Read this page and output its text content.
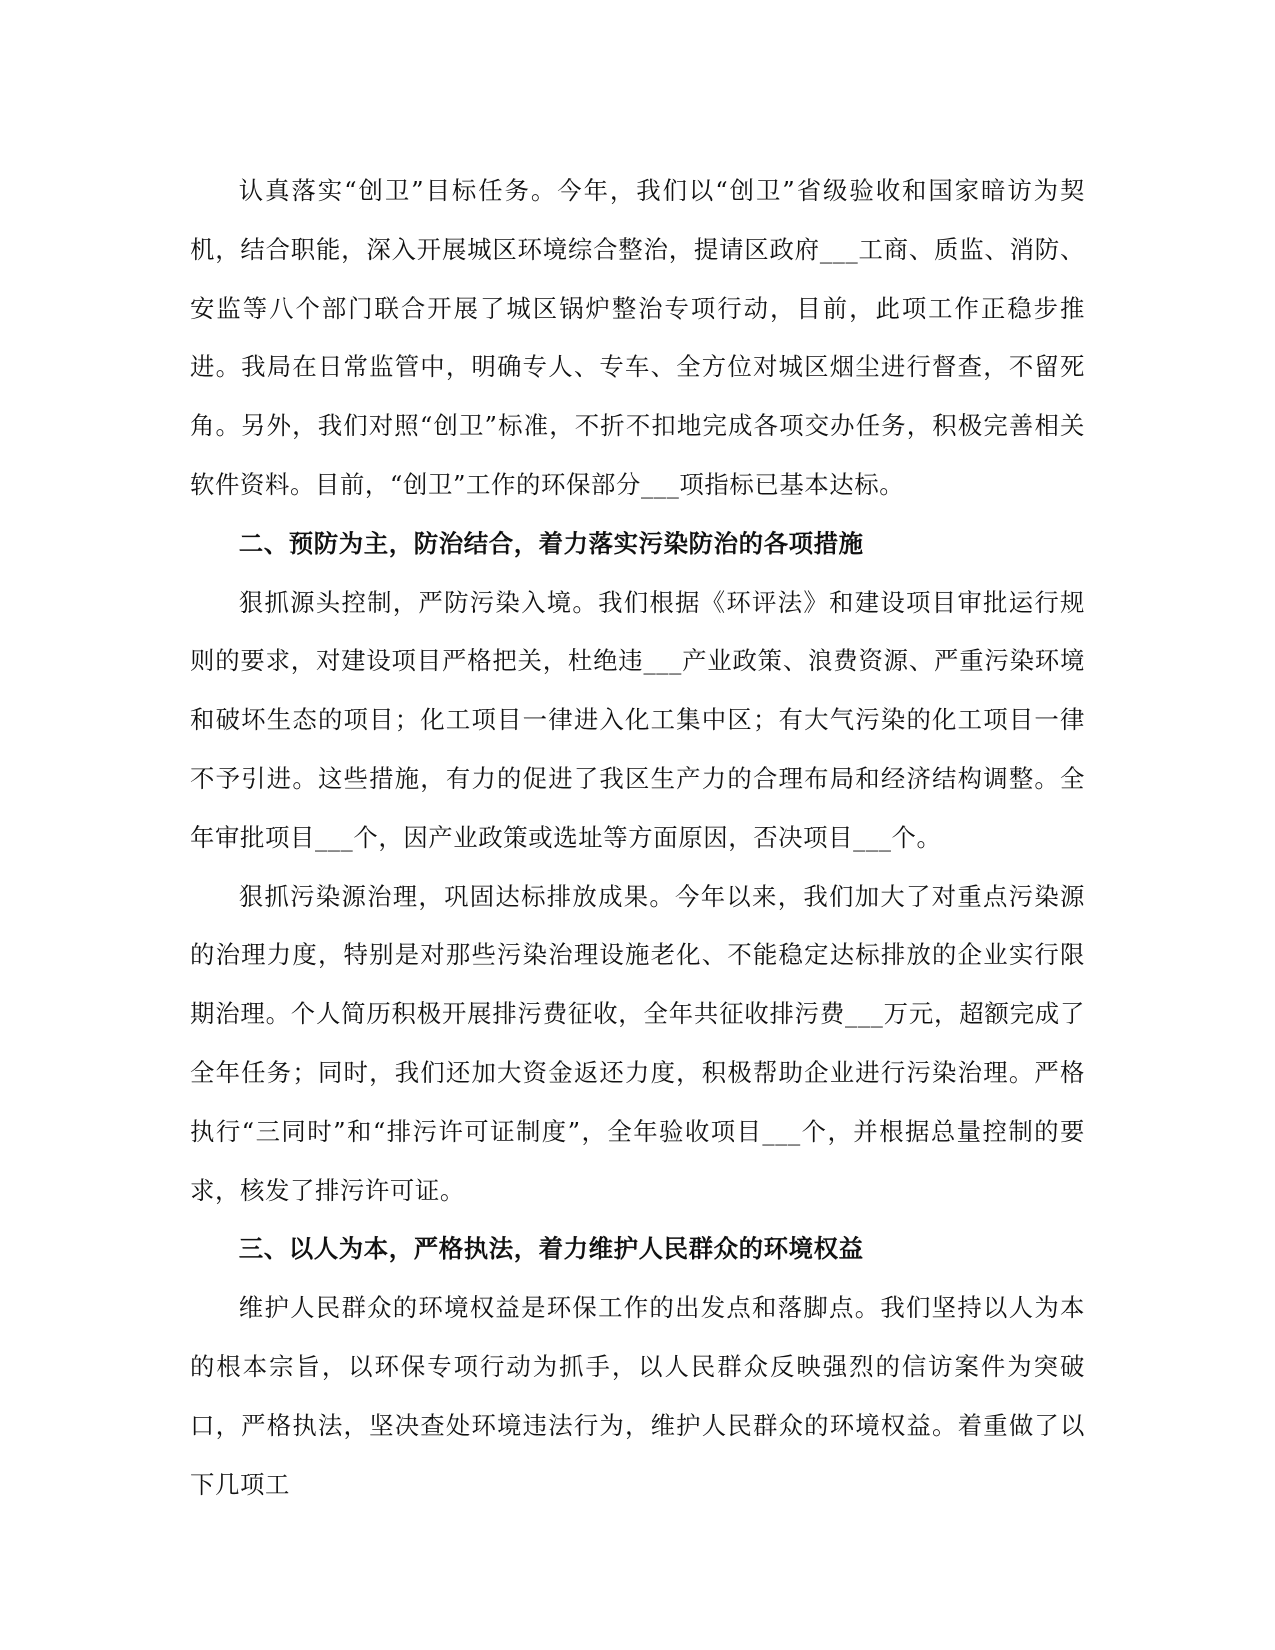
认真落实“创卫”目标任务。今年，我们以“创卫”省级验收和国家暗访为契机，结合职能，深入开展城区环境综合整治，提请区政府___工商、质监、消防、安监等八个部门联合开展了城区锅炉整治专项行动，目前，此项工作正稳步推进。我局在日常监管中，明确专人、专车、全方位对城区烟尘进行督查，不留死角。另外，我们对照“创卫”标准，不折不扣地完成各项交办任务，积极完善相关软件资料。目前，“创卫”工作的环保部分___项指标已基本达标。

二、预防为主，防治结合，着力落实污染防治的各项措施

狠抓源头控制，严防污染入境。我们根据《环评法》和建设项目审批运行规则的要求，对建设项目严格把关，杜绝违___产业政策、浪费资源、严重污染环境和破坏生态的项目；化工项目一律进入化工集中区；有大气污染的化工项目一律不予引进。这些措施，有力的促进了我区生产力的合理布局和经济结构调整。全年审批项目___个，因产业政策或选址等方面原因，否决项目___个。

狠抓污染源治理，巩固达标排放成果。今年以来，我们加大了对重点污染源的治理力度，特别是对那些污染治理设施老化、不能稳定达标排放的企业实行限期治理。个人简历积极开展排污费征收，全年共征收排污费___万元，超额完成了全年任务；同时，我们还加大资金返还力度，积极帮助企业进行污染治理。严格执行“三同时”和“排污许可证制度”，全年验收项目___个，并根据总量控制的要求，核发了排污许可证。

三、以人为本，严格执法，着力维护人民群众的环境权益

维护人民群众的环境权益是环保工作的出发点和落脚点。我们坚持以人为本的根本宗旨，以环保专项行动为抓手，以人民群众反映强烈的信访案件为突破口，严格执法，坚决查处环境违法行为，维护人民群众的环境权益。着重做了以下几项工
